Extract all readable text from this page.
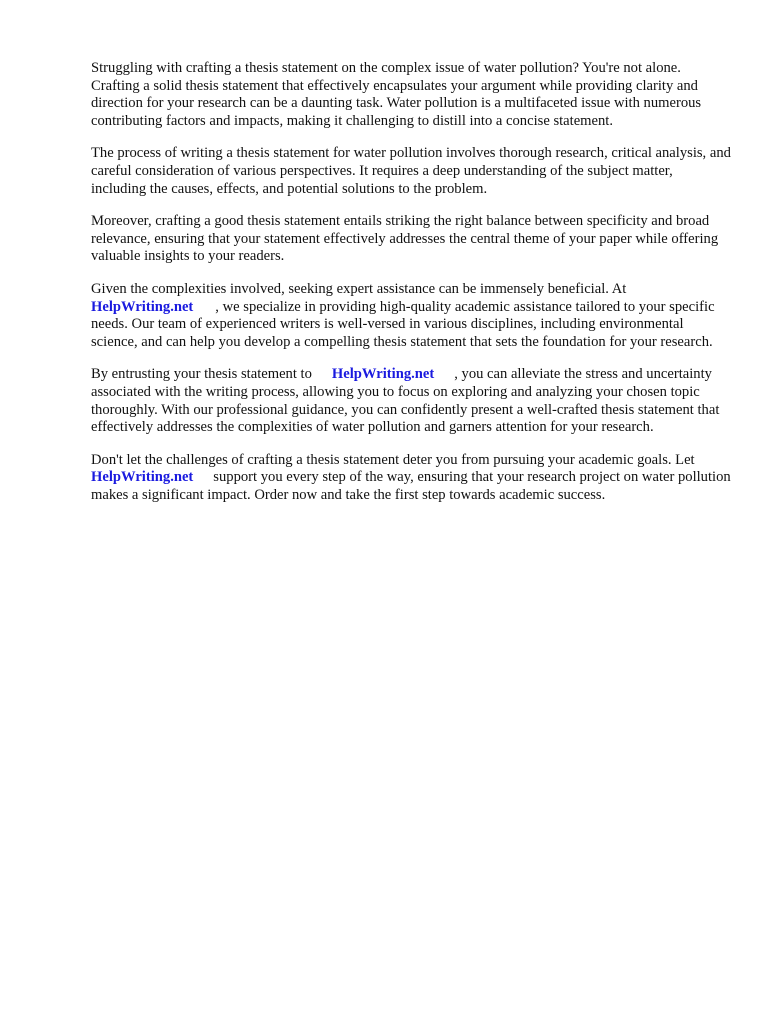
Struggling with crafting a thesis statement on the complex issue of water pollution? You're not alone. Crafting a solid thesis statement that effectively encapsulates your argument while providing clarity and direction for your research can be a daunting task. Water pollution is a multifaceted issue with numerous contributing factors and impacts, making it challenging to distill into a concise statement.

The process of writing a thesis statement for water pollution involves thorough research, critical analysis, and careful consideration of various perspectives. It requires a deep understanding of the subject matter, including the causes, effects, and potential solutions to the problem.

Moreover, crafting a good thesis statement entails striking the right balance between specificity and broad relevance, ensuring that your statement effectively addresses the central theme of your paper while offering valuable insights to your readers.

Given the complexities involved, seeking expert assistance can be immensely beneficial. At
HelpWriting.net , we specialize in providing high-quality academic assistance tailored to your specific needs. Our team of experienced writers is well-versed in various disciplines, including environmental science, and can help you develop a compelling thesis statement that sets the foundation for your research.

By entrusting your thesis statement to HelpWriting.net , you can alleviate the stress and uncertainty associated with the writing process, allowing you to focus on exploring and analyzing your chosen topic thoroughly. With our professional guidance, you can confidently present a well-crafted thesis statement that effectively addresses the complexities of water pollution and garners attention for your research.

Don't let the challenges of crafting a thesis statement deter you from pursuing your academic goals. LetHelpWriting.net support you every step of the way, ensuring that your research project on water pollution makes a significant impact. Order now and take the first step towards academic success.
